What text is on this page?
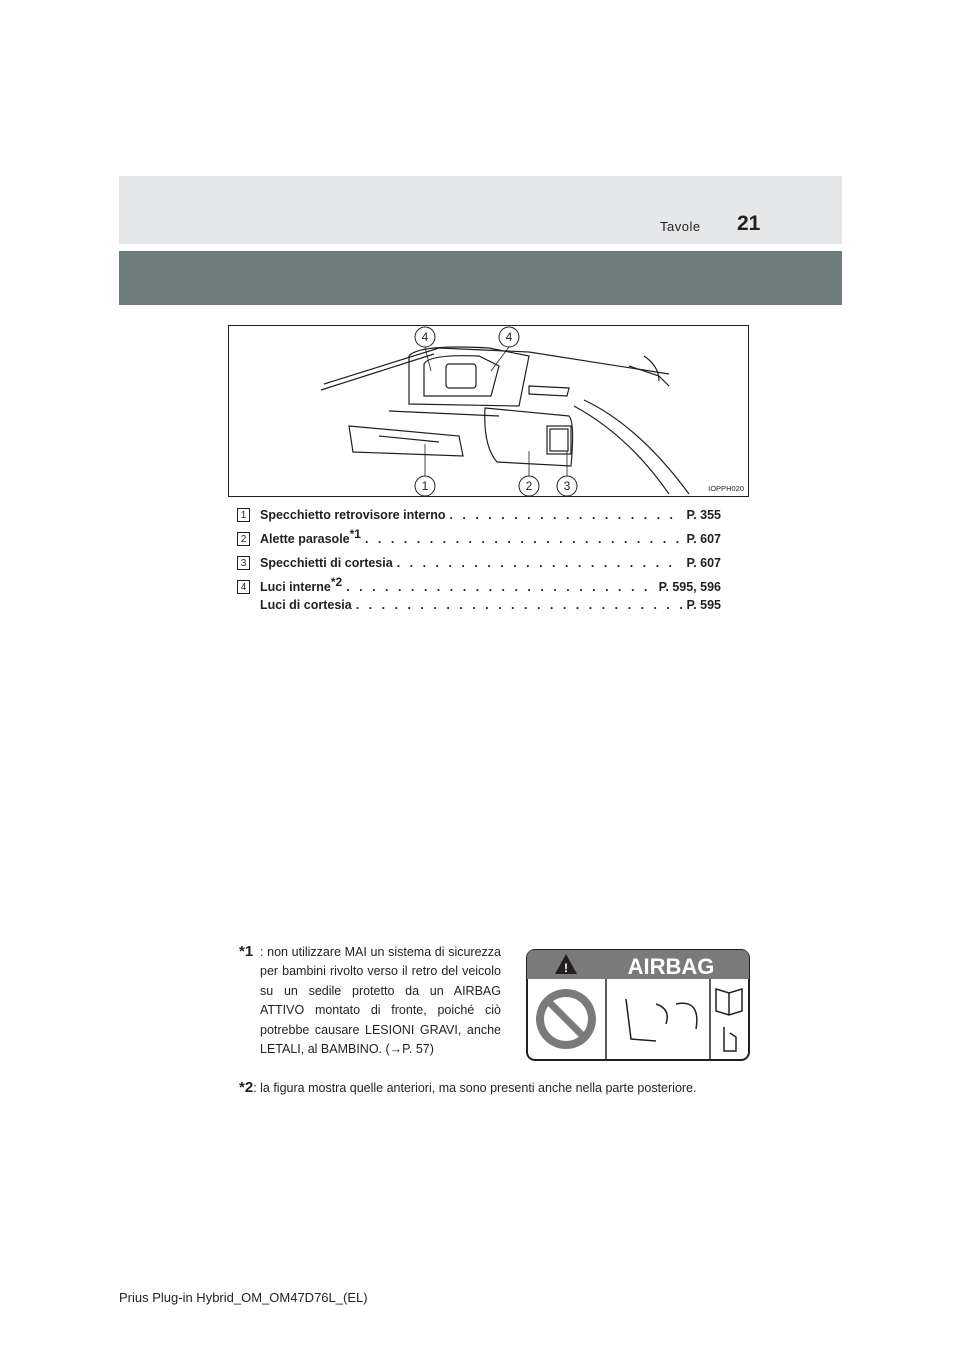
Tavole 21
4	4
1	2	3	IOPPH020
1 Specchietto retrovisore interno . . .	P. 355
2 Alette parasole$^{*1}$ . . .	P. 607
3 Specchietti di cortesia . . .	P. 607
4 Luci interne$^{*2}$ . . .	P. 595, 596
Luci di cortesia . . .	P. 595
*1 : non utilizzare MAI un sistema di sicurezza per bambini rivolto verso il retro del veicolo su un sedile protetto da un AIRBAG ATTIVO montato di fronte, poiché ciò potrebbe causare LESIONI GRAVI, anche LETALI, al BAMBINO. (→P. 57)
!	AIRBAG
*2: la figura mostra quelle anteriori, ma sono presenti anche nella parte posteriore.
Prius Plug-in Hybrid_OM_OM47D76L_(EL)
